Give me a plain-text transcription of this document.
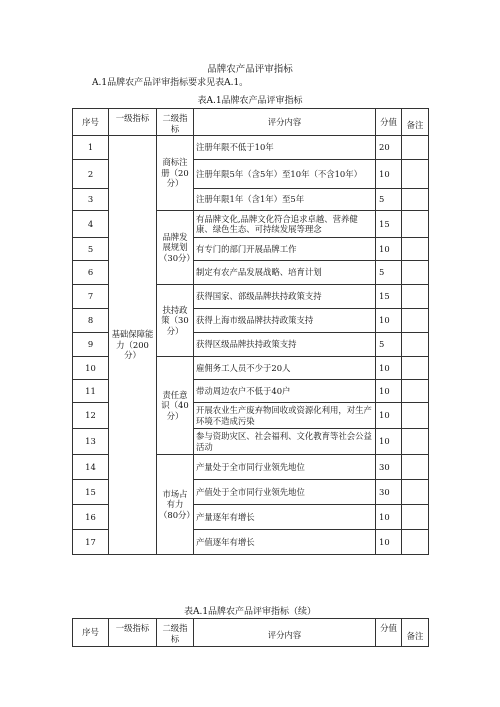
品牌农产品评审指标
A.1品牌农产品评审指标要求见表A.1。
表A.1品牌农产品评审指标
序号	一级指标	二级指标	评分内容	分值	备注
1	基础保障能力（200分）	商标注册（20分）	注册年限不低于10年	20	
2			注册年限5年（含5年）至10年（不含10年）	10	
3			注册年限1年（含1年）至5年	5	
4		品牌发展规划（30分）	有品牌文化,品牌文化符合追求卓越、营养健康、绿色生态、可持续发展等理念	15	
5			有专门的部门开展品牌工作	10	
6			制定有农产品发展战略、培育计划	5	
7		扶持政策（30分）	获得国家、部级品牌扶持政策支持	15	
8			获得上海市级品牌扶持政策支持	10	
9			获得区级品牌扶持政策支持	5	
10		责任意识（40分）	雇佣务工人员不少于20人	10	
11			带动周边农户不低于40户	10	
12			开展农业生产废弃物回收或资源化利用，对生产环境不造成污染	10	
13			参与资助灾区、社会福利、文化教育等社会公益活动	10	
14		市场占有力（80分）	产量处于全市同行业领先地位	30	
15			产值处于全市同行业领先地位	30	
16			产量逐年有增长	10	
17			产值逐年有增长	10	
表A.1品牌农产品评审指标（续）
序号	一级指标	二级指标	评分内容	分值	备注
